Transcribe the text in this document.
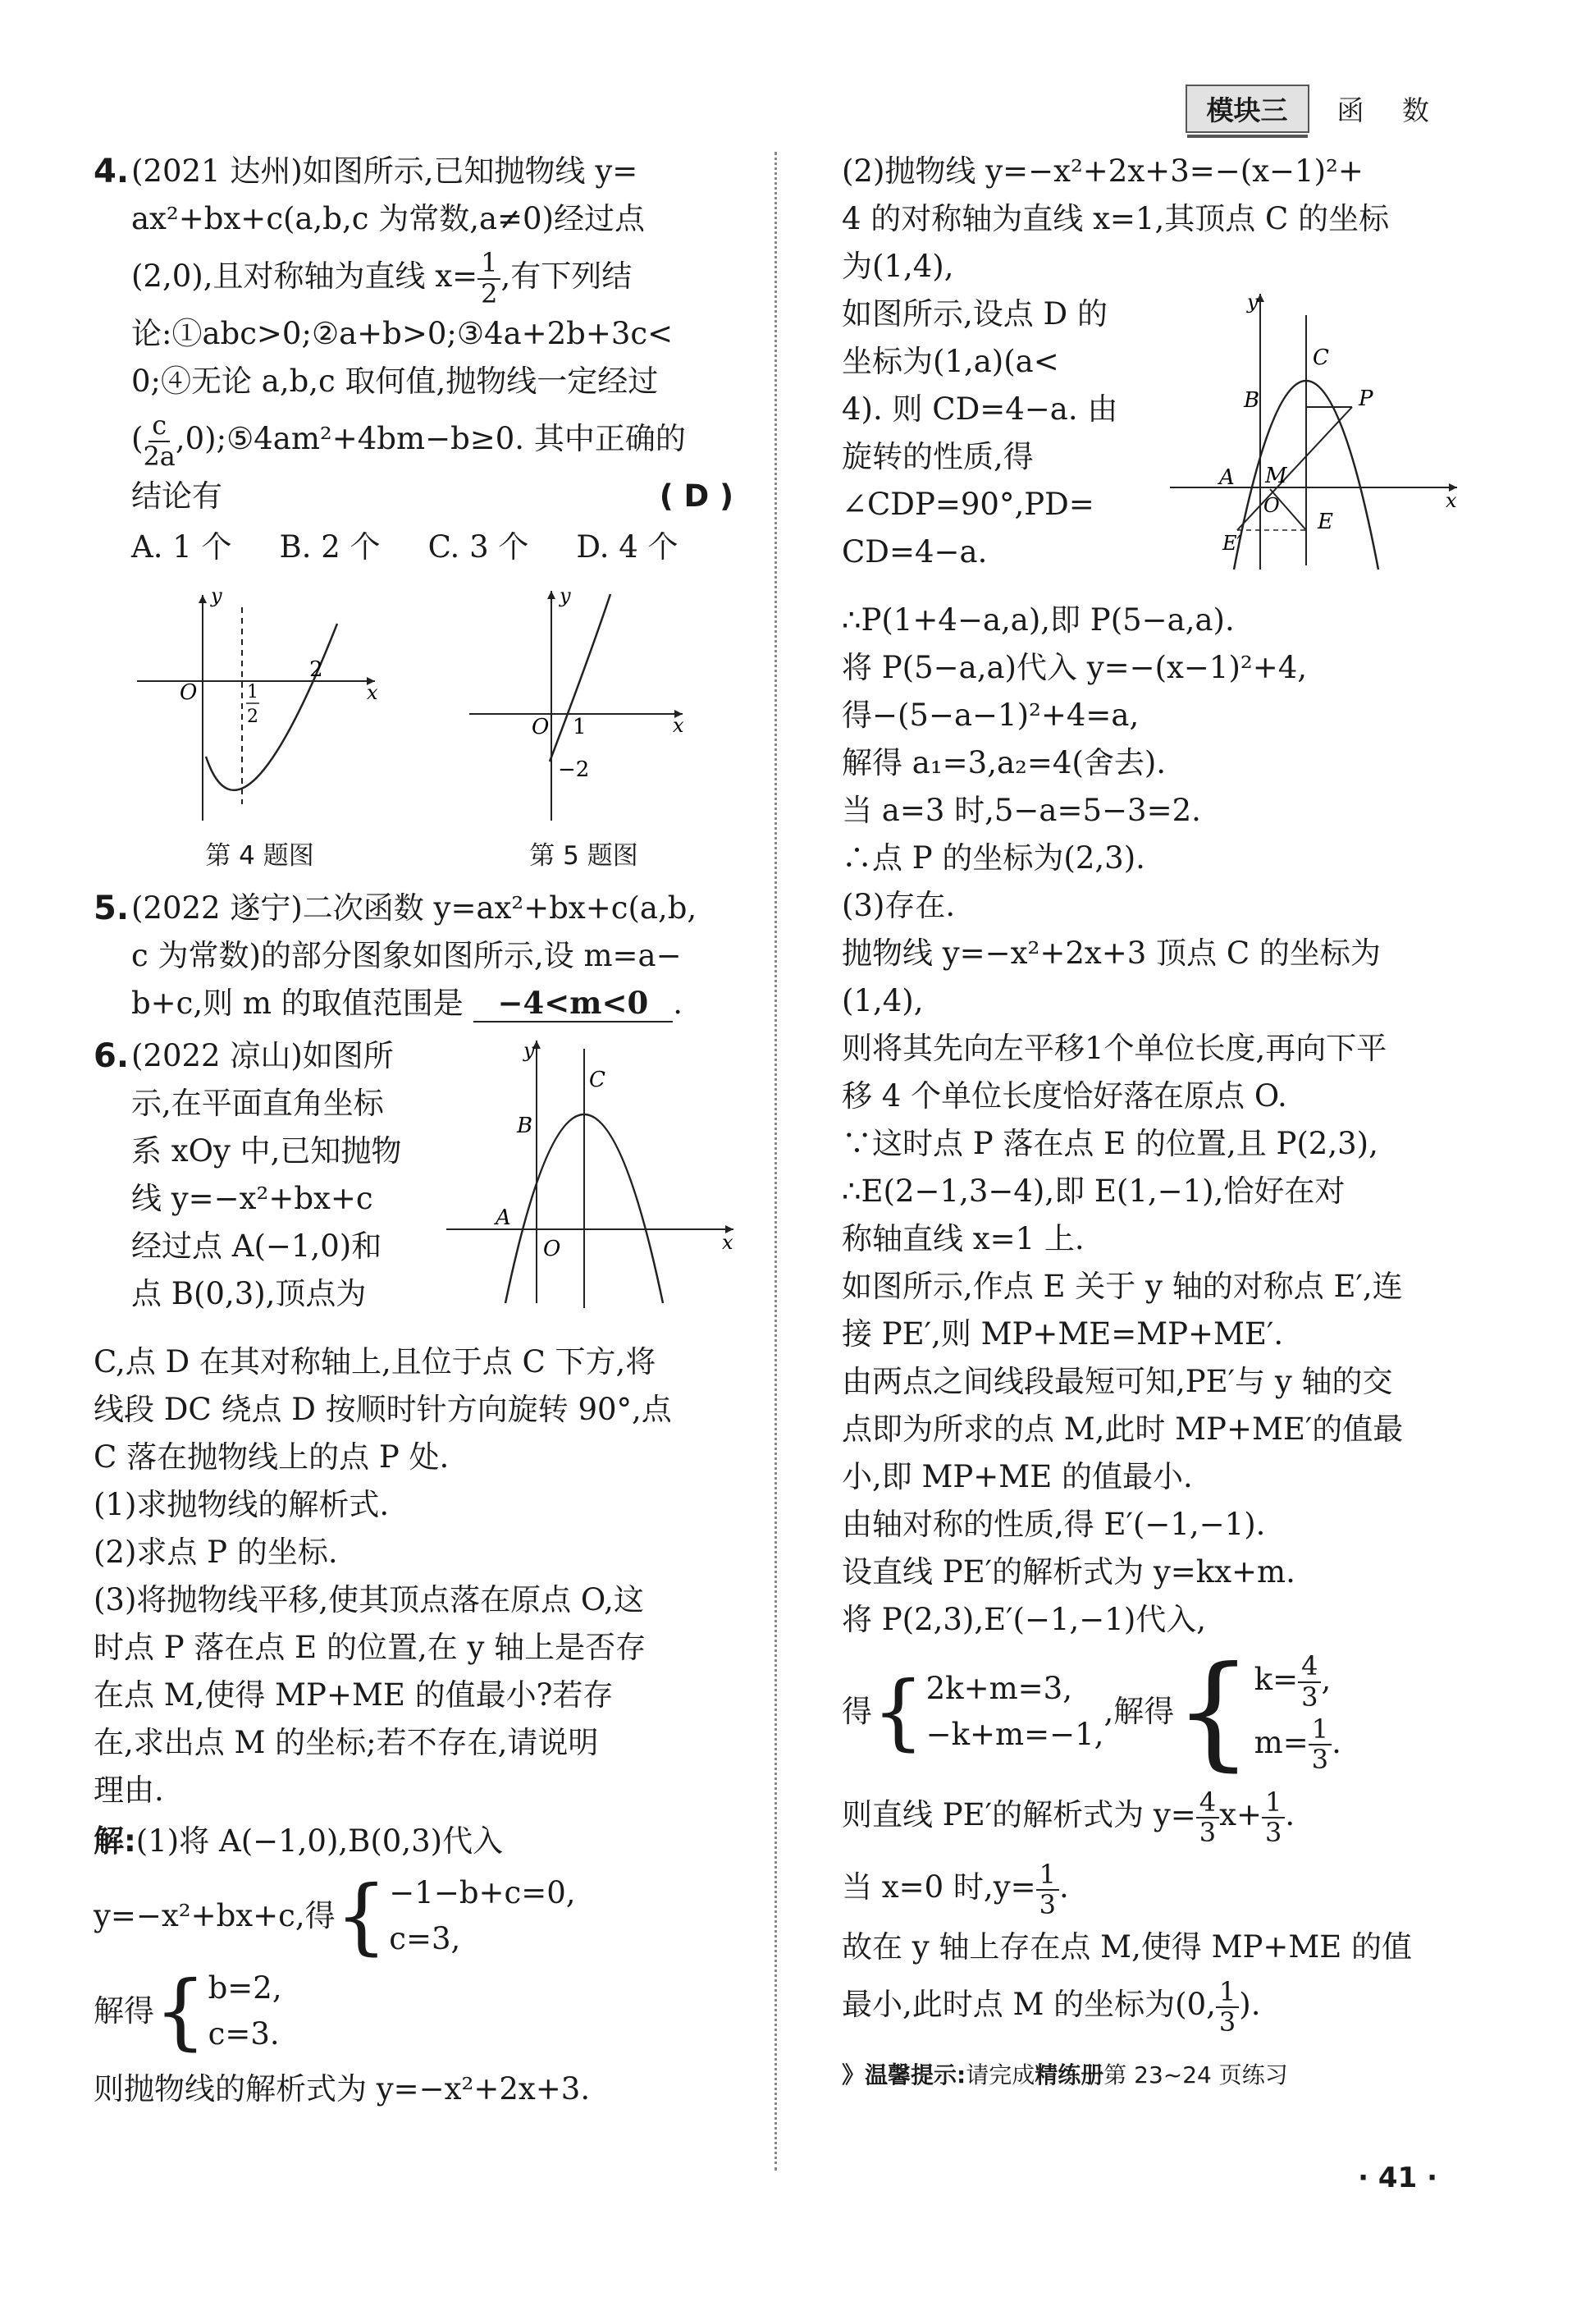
模块三	函 数
4. (2021 达州)如图所示,已知抛物线 y=

ax²+bx+c(a,b,c 为常数,a≠0)经过点

(2,0),且对称轴为直线 $x= \frac{1}{2}$ ,有下列结

论:①abc>0;②a+b>0;③4a+2b+3c<

0;④无论 a,b,c 取何值,抛物线一定经过

( $\frac{c}{2a}$ ,0);⑤4am²+4bm−b≥0. 其中正确的

结论有	( D )

A. 1 个 B. 2 个 C. 3 个 D. 4 个
y
x
O	1
2
2
第 4 题图
y
x
O 1
−2
第 5 题图
5. (2022 遂宁)二次函数 y=ax²+bx+c(a,b,

c 为常数)的部分图象如图所示,设 m=a−

b+c,则 m 的取值范围是 −4<m<0 .

6.	y
x
O
A
B
C

(2022 凉山)如图所

示,在平面直角坐标

系 xOy 中,已知抛物

线 y=−x²+bx+c

经过点 A(−1,0)和

点 B(0,3),顶点为

C,点 D 在其对称轴上,且位于点 C 下方,将

线段 DC 绕点 D 按顺时针方向旋转 90°,点

C 落在抛物线上的点 P 处.

(1)求抛物线的解析式.

(2)求点 P 的坐标.

(3)将抛物线平移,使其顶点落在原点 O,这

时点 P 落在点 E 的位置,在 y 轴上是否存

在点 M,使得 MP+ME 的值最小?若存

在,求出点 M 的坐标;若不存在,请说明

理由.

解:(1)将 A(−1,0),B(0,3)代入

y=−x²+bx+c,得 { −1−b+c=0,
c=3,
解得 { b=2,
c=3.

则抛物线的解析式为 y=−x²+2x+3.

(2)抛物线 y=−x²+2x+3=−(x−1)²+

4 的对称轴为直线 x=1,其顶点 C 的坐标

为(1,4),

y
x
O
A
B
C
P
M
E
E′

如图所示,设点 D 的

坐标为(1,a)(a<

4). 则 CD=4−a. 由

旋转的性质,得

∠CDP=90°,PD=

CD=4−a.

∴P(1+4−a,a),即 P(5−a,a).

将 P(5−a,a)代入 y=−(x−1)²+4,

得−(5−a−1)²+4=a,

解得 a₁=3,a₂=4(舍去).

当 a=3 时,5−a=5−3=2.

∴点 P 的坐标为(2,3).

(3)存在.

抛物线 y=−x²+2x+3 顶点 C 的坐标为

(1,4),

则将其先向左平移1个单位长度,再向下平

移 4 个单位长度恰好落在原点 O.

∵这时点 P 落在点 E 的位置,且 P(2,3),

∴E(2−1,3−4),即 E(1,−1),恰好在对

称轴直线 x=1 上.

如图所示,作点 E 关于 y 轴的对称点 E′,连

接 PE′,则 MP+ME=MP+ME′.

由两点之间线段最短可知,PE′与 y 轴的交

点即为所求的点 M,此时 MP+ME′的值最

小,即 MP+ME 的值最小.

由轴对称的性质,得 E′(−1,−1).

设直线 PE′的解析式为 y=kx+m.

将 P(2,3),E′(−1,−1)代入,

得 { 2k+m=3,
−k+m=−1,
,解得 { $k= \frac{4}{3}$ ,
$m= \frac{1}{3}$ .

则直线 PE′的解析式为 $y= \frac{4}{3} x+ \frac{1}{3}$ .

当 x=0 时$,y= \frac{1}{3}$ .

故在 y 轴上存在点 M,使得 MP+ME 的值

最小,此时点 M 的坐标为(0, $\frac{1}{3}$ ).

》温馨提示:请完成精练册第 23~24 页练习
· 41 ·
